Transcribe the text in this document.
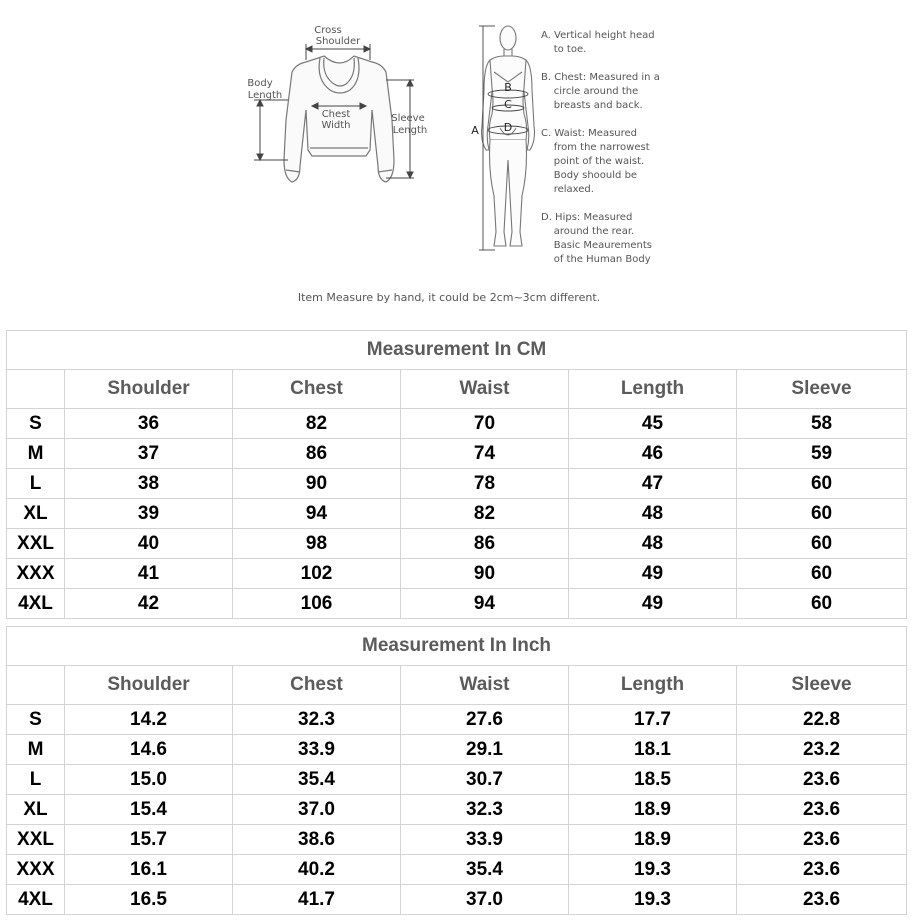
Cross
Shoulder
Body
Length
Chest
Width
Sleeve
Length	A
B
C
D
A. Vertical height head
to toe.
B. Chest: Measured in a
circle around the
breasts and back.
C. Waist: Measured
from the narrowest
point of the waist.
Body shoould be
relaxed.
D. Hips: Measured
around the rear.
Basic Meaurements
of the Human Body
Item Measure by hand, it could be 2cm~3cm different.
Measurement In CM					
	Shoulder	Chest	Waist	Length	Sleeve
S	36	82	70	45	58
M	37	86	74	46	59
L	38	90	78	47	60
XL	39	94	82	48	60
XXL	40	98	86	48	60
XXX	41	102	90	49	60
4XL	42	106	94	49	60
Measurement In Inch					
	Shoulder	Chest	Waist	Length	Sleeve
S	14.2	32.3	27.6	17.7	22.8
M	14.6	33.9	29.1	18.1	23.2
L	15.0	35.4	30.7	18.5	23.6
XL	15.4	37.0	32.3	18.9	23.6
XXL	15.7	38.6	33.9	18.9	23.6
XXX	16.1	40.2	35.4	19.3	23.6
4XL	16.5	41.7	37.0	19.3	23.6
